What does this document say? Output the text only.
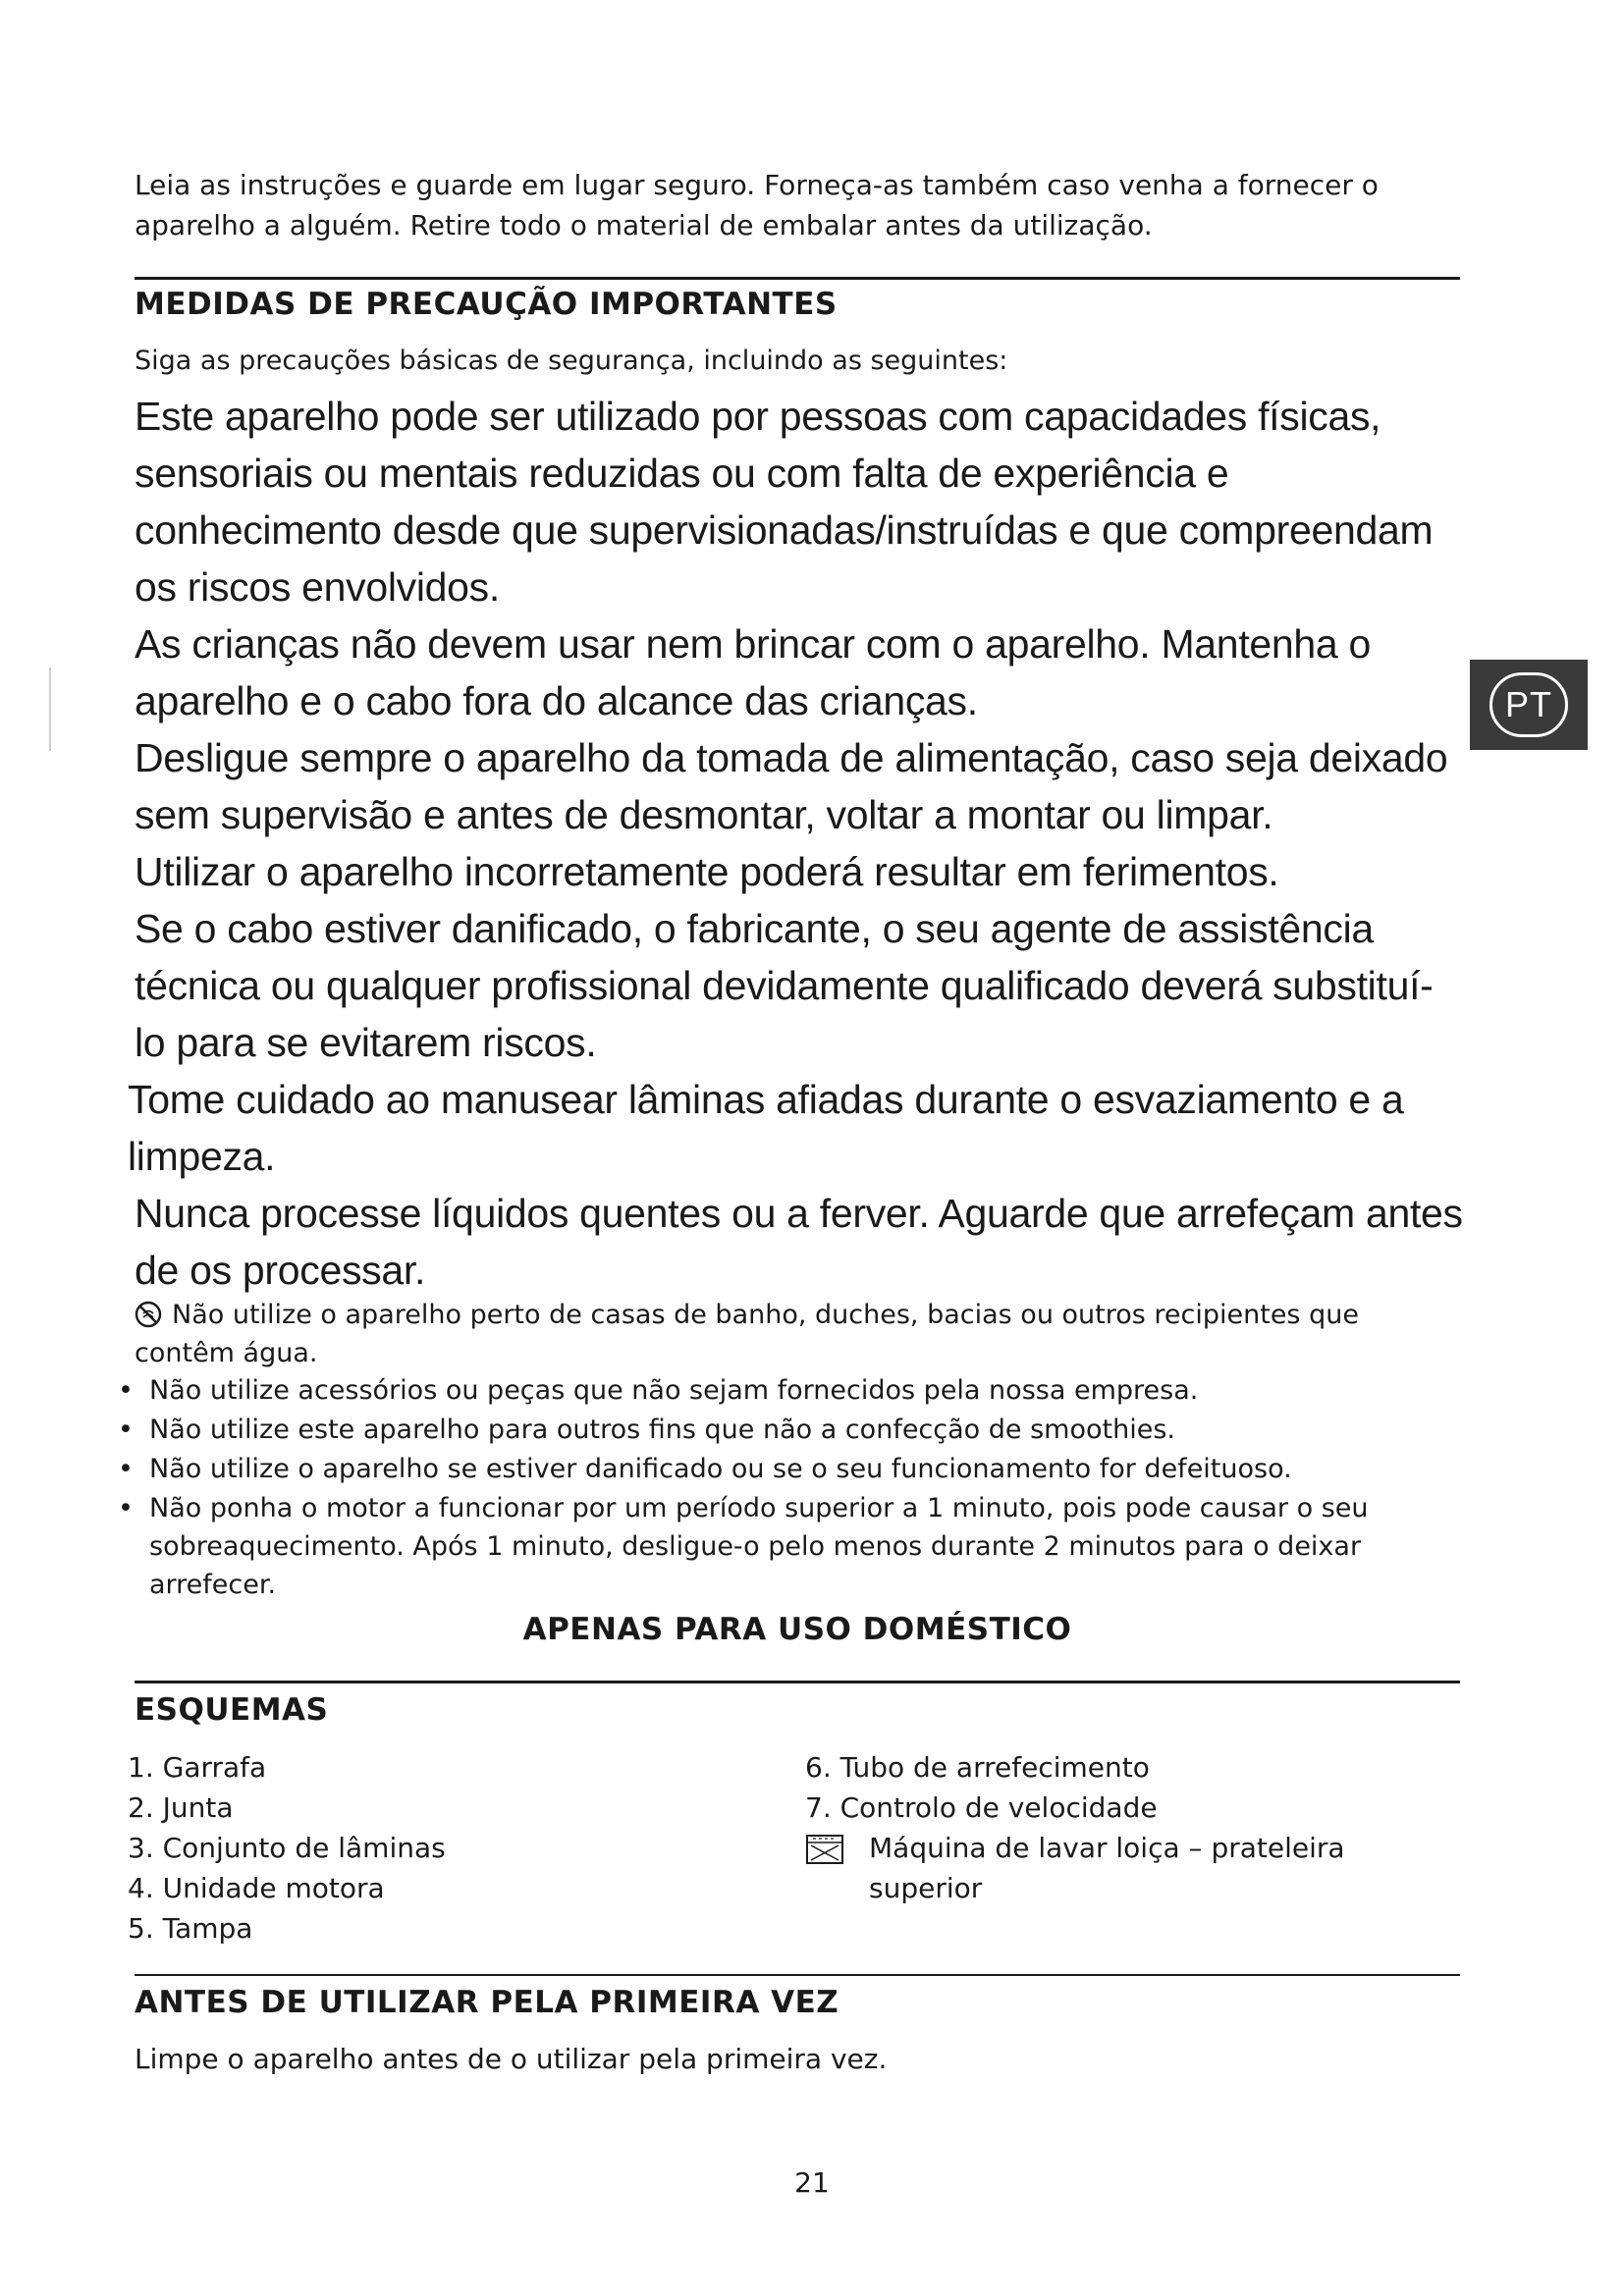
Leia as instruções e guarde em lugar seguro. Forneça-as também caso venha a fornecer o aparelho a alguém. Retire todo o material de embalar antes da utilização.
MEDIDAS DE PRECAUÇÃO IMPORTANTES
Siga as precauções básicas de segurança, incluindo as seguintes:
Este aparelho pode ser utilizado por pessoas com capacidades físicas, sensoriais ou mentais reduzidas ou com falta de experiência e conhecimento desde que supervisionadas/instruídas e que compreendam os riscos envolvidos.
As crianças não devem usar nem brincar com o aparelho. Mantenha o aparelho e o cabo fora do alcance das crianças.
Desligue sempre o aparelho da tomada de alimentação, caso seja deixado sem supervisão e antes de desmontar, voltar a montar ou limpar.
Utilizar o aparelho incorretamente poderá resultar em ferimentos.
Se o cabo estiver danificado, o fabricante, o seu agente de assistência técnica ou qualquer profissional devidamente qualificado deverá substituí-lo para se evitarem riscos.
Tome cuidado ao manusear lâminas afiadas durante o esvaziamento e a limpeza.
Nunca processe líquidos quentes ou a ferver. Aguarde que arrefeçam antes de os processar.
Não utilize o aparelho perto de casas de banho, duches, bacias ou outros recipientes que contêm água.
• Não utilize acessórios ou peças que não sejam fornecidos pela nossa empresa.
• Não utilize este aparelho para outros fins que não a confecção de smoothies.
• Não utilize o aparelho se estiver danificado ou se o seu funcionamento for defeituoso.
• Não ponha o motor a funcionar por um período superior a 1 minuto, pois pode causar o seu sobreaquecimento. Após 1 minuto, desligue-o pelo menos durante 2 minutos para o deixar arrefecer.
APENAS PARA USO DOMÉSTICO
ESQUEMAS
1. Garrafa
2. Junta
3. Conjunto de lâminas
4. Unidade motora
5. Tampa
6. Tubo de arrefecimento
7. Controlo de velocidade
Máquina de lavar loiça – prateleira superior
ANTES DE UTILIZAR PELA PRIMEIRA VEZ
Limpe o aparelho antes de o utilizar pela primeira vez.
PT
21
